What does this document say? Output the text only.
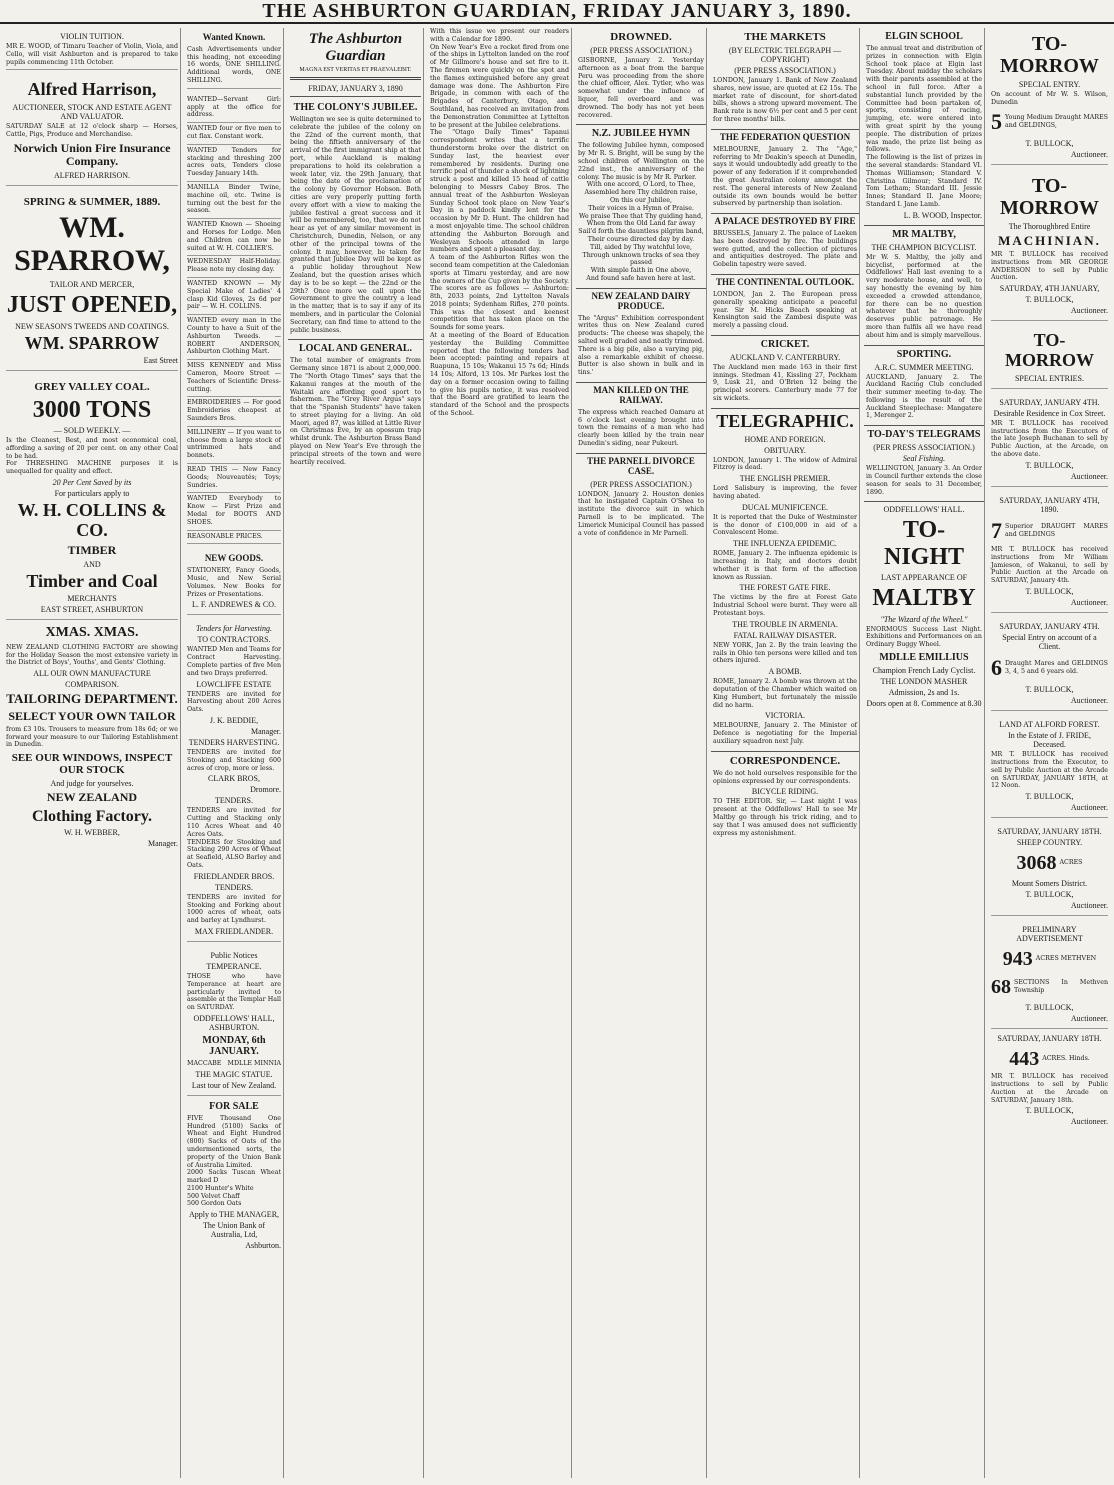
THE ASHBURTON GUARDIAN, FRIDAY JANUARY 3, 1890.
VIOLIN TUITION.

MR E. WOOD, of Timaru Teacher of Violin, Viola, and Cello, will visit Ashburton and is prepared to take pupils commencing 11th October.

Alfred Harrison,
AUCTIONEER, STOCK AND ESTATE AGENT AND VALUATOR.

SATURDAY SALE at 12 o'clock sharp — Horses, Cattle, Pigs, Produce and Merchandise.

Norwich Union Fire Insurance Company.
ALFRED HARRISON.
SPRING & SUMMER, 1889.
WM. SPARROW,
TAILOR AND MERCER,
JUST OPENED,
NEW SEASON'S TWEEDS AND COATINGS.
WM. SPARROW
East Street
GREY VALLEY COAL.
3000 TONS
— SOLD WEEKLY. —

Is the Cleanest, Best, and most economical coal, affording a saving of 20 per cent. on any other Coal to be had.

For THRESHING MACHINE purposes it is unequalled for quality and effect.

20 Per Cent Saved by its
For particulars apply to
W. H. COLLINS & CO.
TIMBER
AND
Timber and Coal
MERCHANTS
EAST STREET, ASHBURTON
XMAS. XMAS.

NEW ZEALAND CLOTHING FACTORY are showing for the Holiday Season the most extensive variety in the District of Boys', Youths', and Gents' Clothing.

ALL OUR OWN MANUFACTURE
COMPARISON.
TAILORING DEPARTMENT.
SELECT YOUR OWN TAILOR

from £3 10s. Trousers to measure from 18s 6d; or we forward your measure to our Tailoring Establishment in Dunedin.

SEE OUR WINDOWS, INSPECT OUR STOCK
And judge for yourselves.
NEW ZEALAND
Clothing Factory.
W. H. WEBBER,
Manager.
Wanted Known.

Cash Advertisements under this heading, not exceeding 16 words, ONE SHILLING. Additional words, ONE SHILLING.

WANTED—Servant Girl: apply at the office for address.

WANTED four or five men to cut flax. Constant work.

WANTED Tenders for stacking and threshing 200 acres oats, Tenders close Tuesday January 14th.

MANILLA Binder Twine, machine oil, etc. Twine is turning out the best for the season.

WANTED Known — Shoeing and Horses for Lodge. Men and Children can now be suited at W. H. COLLIER'S.

WEDNESDAY Half-Holiday. Please note my closing day.

WANTED KNOWN — My Special Make of Ladies' 4 clasp Kid Gloves, 2s 6d per pair — W. H. COLLINS.

WANTED every man in the County to have a Suit of the Ashburton Tweeds. — ROBERT ANDERSON, Ashburton Clothing Mart.

MISS KENNEDY and Miss Cameron, Moore Street — Teachers of Scientific Dress-cutting.

EMBROIDERIES — For good Embroideries cheapest at Saunders Bros.

MILLINERY — If you want to choose from a large stock of untrimmed hats and bonnets.

READ THIS — New Fancy Goods; Nouveautés; Toys; Sundries.

WANTED Everybody to Know — First Prize and Medal for BOOTS AND SHOES.

REASONABLE PRICES.

NEW GOODS.

STATIONERY, Fancy Goods, Music, and New Serial Volumes. New Books for Prizes or Presentations.

L. F. ANDREWES & CO.
Tenders for Harvesting.
TO CONTRACTORS.

WANTED Men and Teams for Contract Harvesting. Complete parties of five Men and two Drays preferred.

LOWCLIFFE ESTATE

TENDERS are invited for Harvesting about 200 Acres Oats.

J. K. BEDDIE,
Manager.
TENDERS HARVESTING.

TENDERS are invited for Stooking and Stacking 600 acres of crop, more or less.

CLARK BROS,
Dromore.
TENDERS.

TENDERS are invited for Cutting and Stacking only 110 Acres Wheat and 40 Acres Oats.

TENDERS for Stooking and Stacking 290 Acres of Wheat at Seafield, ALSO Barley and Oats.

FRIEDLANDER BROS.
TENDERS.

TENDERS are invited for Stooking and Forking about 1000 acres of wheat, oats and barley at Lyndhurst.

MAX FRIEDLANDER.
Public Notices
TEMPERANCE.

THOSE who have Temperance at heart are particularly invited to assemble at the Templar Hall on SATURDAY.

ODDFELLOWS' HALL, ASHBURTON.
MONDAY, 6th JANUARY.
MACCABE MDLLE MINNIA
THE MAGIC STATUE.
Last tour of New Zealand.
FOR SALE

FIVE Thousand One Hundred (5100) Sacks of Wheat and Eight Hundred (800) Sacks of Oats of the undermentioned sorts, the property of the Union Bank of Australia Limited.

2000 Sacks Tuscan Wheat marked D

2100 Hunter's White

500 Velvet Chaff

500 Gordon Oats

Apply to THE MANAGER,
The Union Bank of Australia, Ltd,
Ashburton.
The Ashburton Guardian
MAGNA EST VERITAS ET PRAEVALEBIT.
FRIDAY, JANUARY 3, 1890
THE COLONY'S JUBILEE.

Wellington we see is quite determined to celebrate the jubilee of the colony on the 22nd of the current month, that being the fiftieth anniversary of the arrival of the first immigrant ship at that port, while Auckland is making preparations to hold its celebration a week later, viz. the 29th January, that being the date of the proclamation of the colony by Governor Hobson. Both cities are very properly putting forth every effort with a view to making the jubilee festival a great success and it will be remembered, too, that we do not hear as yet of any similar movement in Christchurch, Dunedin, Nelson, or any other of the principal towns of the colony. It may, however, be taken for granted that Jubilee Day will be kept as a public holiday throughout New Zealand, but the question arises which day is to be so kept — the 22nd or the 29th? Once more we call upon the Government to give the country a lead in the matter, that is to say if any of its members, and in particular the Colonial Secretary, can find time to attend to the public business.

LOCAL AND GENERAL.

The total number of emigrants from Germany since 1871 is about 2,000,000. The "North Otago Times" says that the Kakanui ranges at the mouth of the Waitaki are affording good sport to fishermen. The "Grey River Argus" says that the "Spanish Students" have taken to street playing for a living. An old Maori, aged 87, was killed at Little River on Christmas Eve, by an opossum trap whilst drunk. The Ashburton Brass Band played on New Year's Eve through the principal streets of the town and were heartily received.

With this issue we present our readers with a Calendar for 1890.

On New Year's Eve a rocket fired from one of the ships in Lyttelton landed on the roof of Mr Gillmore's house and set fire to it. The firemen were quickly on the spot and the flames extinguished before any great damage was done. The Ashburton Fire Brigade, in common with each of the Brigades of Canterbury, Otago, and Southland, has received an invitation from the Demonstration Committee at Lyttelton to be present at the Jubilee celebrations.

The "Otago Daily Times" Tapanui correspondent writes that a terrific thunderstorm broke over the district on Sunday last, the heaviest ever remembered by residents. During one terrific peal of thunder a shock of lightning struck a post and killed 15 head of cattle belonging to Messrs Cabey Bros. The annual treat of the Ashburton Wesleyan Sunday School took place on New Year's Day in a paddock kindly lent for the occasion by Mr D. Hunt. The children had a most enjoyable time. The school children attending the Ashburton Borough and Wesleyan Schools attended in large numbers and spent a pleasant day.

A team of the Ashburton Rifles won the second team competition at the Caledonian sports at Timaru yesterday, and are now the owners of the Cup given by the Society. The scores are as follows — Ashburton: 8th, 2033 points, 2nd Lyttelton Navals 2018 points; Sydenham Rifles, 270 points. This was the closest and keenest competition that has taken place on the Sounds for some years.

At a meeting of the Board of Education yesterday the Building Committee reported that the following tenders had been accepted: painting and repairs at Ruapuna, 15 10s; Wakanui 15 7s 6d; Hinds 14 10s; Alford, 13 10s. Mr Parkes lost the day on a former occasion owing to failing to give his pupils notice, it was resolved that the Board are gratified to learn the standard of the School and the prospects of the School.

DROWNED.
(PER PRESS ASSOCIATION.)

GISBORNE, January 2. Yesterday afternoon as a boat from the barque Peru was proceeding from the shore the chief officer, Alex. Tytler, who was somewhat under the influence of liquor, fell overboard and was drowned. The body has not yet been recovered.

N.Z. JUBILEE HYMN

The following Jubilee hymn, composed by Mr R. S. Bright, will be sung by the school children of Wellington on the 22nd inst., the anniversary of the colony. The music is by Mr R. Parker.

With one accord, O Lord, to Thee,

Assembled here Thy children raise,

On this our Jubilee,

Their voices in a Hymn of Praise.

We praise Thee that Thy guiding hand,

When from the Old Land far away

Sail'd forth the dauntless pilgrim band,

Their course directed day by day.

Till, aided by Thy watchful love,

Through unknown tracks of sea they passed

With simple faith in One above,

And found safe haven here at last.

NEW ZEALAND DAIRY PRODUCE.

The "Argus" Exhibition correspondent writes thus on New Zealand cured products: 'The cheese was shapely, the salted well graded and neatly trimmed. There is a big pile, also a varying pig, also a remarkable exhibit of cheese. Butter is also shown in bulk and in tins.'

MAN KILLED ON THE RAILWAY.

The express which reached Oamaru at 6 o'clock last evening brought into town the remains of a man who had clearly been killed by the train near Dunedin's siding, near Pukeuri.

THE PARNELL DIVORCE CASE.
(PER PRESS ASSOCIATION.)

LONDON, January 2. Houston denies that he instigated Captain O'Shea to institute the divorce suit in which Parnell is to be implicated. The Limerick Municipal Council has passed a vote of confidence in Mr Parnell.

THE MARKETS
(BY ELECTRIC TELEGRAPH — COPYRIGHT)
(PER PRESS ASSOCIATION.)

LONDON, January 1. Bank of New Zealand shares, new issue, are quoted at £2 15s. The market rate of discount, for short-dated bills, shows a strong upward movement. The Bank rate is now 6½ per cent and 5 per cent for three months' bills.

THE FEDERATION QUESTION

MELBOURNE, January 2. The "Age," referring to Mr Deakin's speech at Dunedin, says it would undoubtedly add greatly to the power of any federation if it comprehended the great Australian colony amongst the rest. The general interests of New Zealand outside its own bounds would be better subserved by partnership than isolation.

A PALACE DESTROYED BY FIRE

BRUSSELS, January 2. The palace of Laeken has been destroyed by fire. The buildings were gutted, and the collection of pictures and antiquities destroyed. The plate and Gobelin tapestry were saved.

THE CONTINENTAL OUTLOOK.

LONDON, Jan 2. The European press generally speaking anticipate a peaceful year. Sir M. Hicks Beach speaking at Kensington said the Zambesi dispute was merely a passing cloud.

CRICKET.
AUCKLAND V. CANTERBURY.

The Auckland men made 163 in their first innings. Stedman 41, Kissling 27, Peckham 9, Lusk 21, and O'Brien 12 being the principal scorers. Canterbury made 77 for six wickets.

TELEGRAPHIC.
HOME AND FOREIGN.
OBITUARY.

LONDON, January 1. The widow of Admiral Fitzroy is dead.

THE ENGLISH PREMIER.

Lord Salisbury is improving, the fever having abated.

DUCAL MUNIFICENCE.

It is reported that the Duke of Westminster is the donor of £100,000 in aid of a Convalescent Home.

THE INFLUENZA EPIDEMIC.

ROME, January 2. The influenza epidemic is increasing in Italy, and doctors doubt whether it is that form of the affection known as Russian.

THE FOREST GATE FIRE.

The victims by the fire at Forest Gate Industrial School were burnt. They were all Protestant boys.

THE TROUBLE IN ARMENIA.
FATAL RAILWAY DISASTER.

NEW YORK, Jan 2. By the train leaving the rails in Ohio ten persons were killed and ten others injured.

A BOMB.

ROME, January 2. A bomb was thrown at the deputation of the Chamber which waited on King Humbert, but fortunately the missile did no harm.

VICTORIA.

MELBOURNE, January 2. The Minister of Defence is negotiating for the Imperial auxiliary squadron next July.

CORRESPONDENCE.

We do not hold ourselves responsible for the opinions expressed by our correspondents.

BICYCLE RIDING.

TO THE EDITOR. Sir, — Last night I was present at the Oddfellows' Hall to see Mr Maltby go through his trick riding, and to say that I was amused does not sufficiently express my astonishment.

ELGIN SCHOOL

The annual treat and distribution of prizes in connection with Elgin School took place at Elgin last Tuesday. About midday the scholars with their parents assembled at the school in full force. After a substantial lunch provided by the Committee had been partaken of, sports, consisting of racing, jumping, etc. were entered into with great spirit by the young people. The distribution of prizes was made, the prize list being as follows.

The following is the list of prizes in the several standards: Standard VI. Thomas Williamson; Standard V. Christina Gilmour; Standard IV. Tom Letham; Standard III. Jessie Innes; Standard II. Jane Moore; Standard I. Jane Lamb.

L. B. WOOD, Inspector.
MR MALTBY,
THE CHAMPION BICYCLIST.

Mr W. S. Maltby, the jolly and bicyclist, performed at the Oddfellows' Hall last evening to a very moderate house, and well, to say honestly the evening by him exceeded a crowded attendance, for there can be no question whatever that he thoroughly deserves public patronage. He more than fulfils all we have read about him and is simply marvellous.

SPORTING.
A.R.C. SUMMER MEETING.

AUCKLAND, January 2. The Auckland Racing Club concluded their summer meeting to-day. The following is the result of the Auckland Steeplechase: Mangatere 1, Merenger 2.

TO-DAY'S TELEGRAMS
(PER PRESS ASSOCIATION.)
Seal Fishing.

WELLINGTON, January 3. An Order in Council further extends the close season for seals to 31 December, 1890.

ODDFELLOWS' HALL.
TO-NIGHT
LAST APPEARANCE OF
MALTBY
"The Wizard of the Wheel."

ENORMOUS Success Last Night. Exhibitions and Performances on an Ordinary Buggy Wheel.

MDLLE EMILLIUS
Champion French Lady Cyclist.
THE LONDON MASHER
Admission, 2s and 1s.
Doors open at 8. Commence at 8.30
TO-MORROW
SPECIAL ENTRY.

On account of Mr W. S. Wilson, Dunedin

5 Young Medium Draught MARES and GELDINGS,
T. BULLOCK,
Auctioneer.
TO-MORROW
The Thoroughbred Entire
MACHINIAN.

MR T. BULLOCK has received instructions from MR GEORGE ANDERSON to sell by Public Auction.

SATURDAY, 4TH JANUARY,
T. BULLOCK,
Auctioneer.
TO-MORROW
SPECIAL ENTRIES.
SATURDAY, JANUARY 4TH.
Desirable Residence in Cox Street.

MR T. BULLOCK has received instructions from the Executors of the late Joseph Buchanan to sell by Public Auction, at the Arcade, on the above date.

T. BULLOCK,
Auctioneer.
SATURDAY, JANUARY 4TH, 1890.
7 Superior DRAUGHT MARES and GELDINGS

MR T. BULLOCK has received instructions from Mr William Jamieson, of Wakanui, to sell by Public Auction at the Arcade on SATURDAY, January 4th.

T. BULLOCK,
Auctioneer.
SATURDAY, JANUARY 4TH.
Special Entry on account of a Client.
6 Draught Mares and GELDINGS 3, 4, 5 and 6 years old.
T. BULLOCK,
Auctioneer.
LAND AT ALFORD FOREST.
In the Estate of J. FRIDE, Deceased.

MR T. BULLOCK has received instructions from the Executor, to sell by Public Auction at the Arcade on SATURDAY, JANUARY 18TH, at 12 Noon.

T. BULLOCK,
Auctioneer.
SATURDAY, JANUARY 18TH.
SHEEP COUNTRY.
3068 ACRES
Mount Somers District.
T. BULLOCK,
Auctioneer.
PRELIMINARY ADVERTISEMENT
943 ACRES METHVEN
68 SECTIONS In Methven Township
T. BULLOCK,
Auctioneer.
SATURDAY, JANUARY 18TH.
443 ACRES. Hinds.

MR T. BULLOCK has received instructions to sell by Public Auction at the Arcade on SATURDAY, January 18th.

T. BULLOCK,
Auctioneer.
